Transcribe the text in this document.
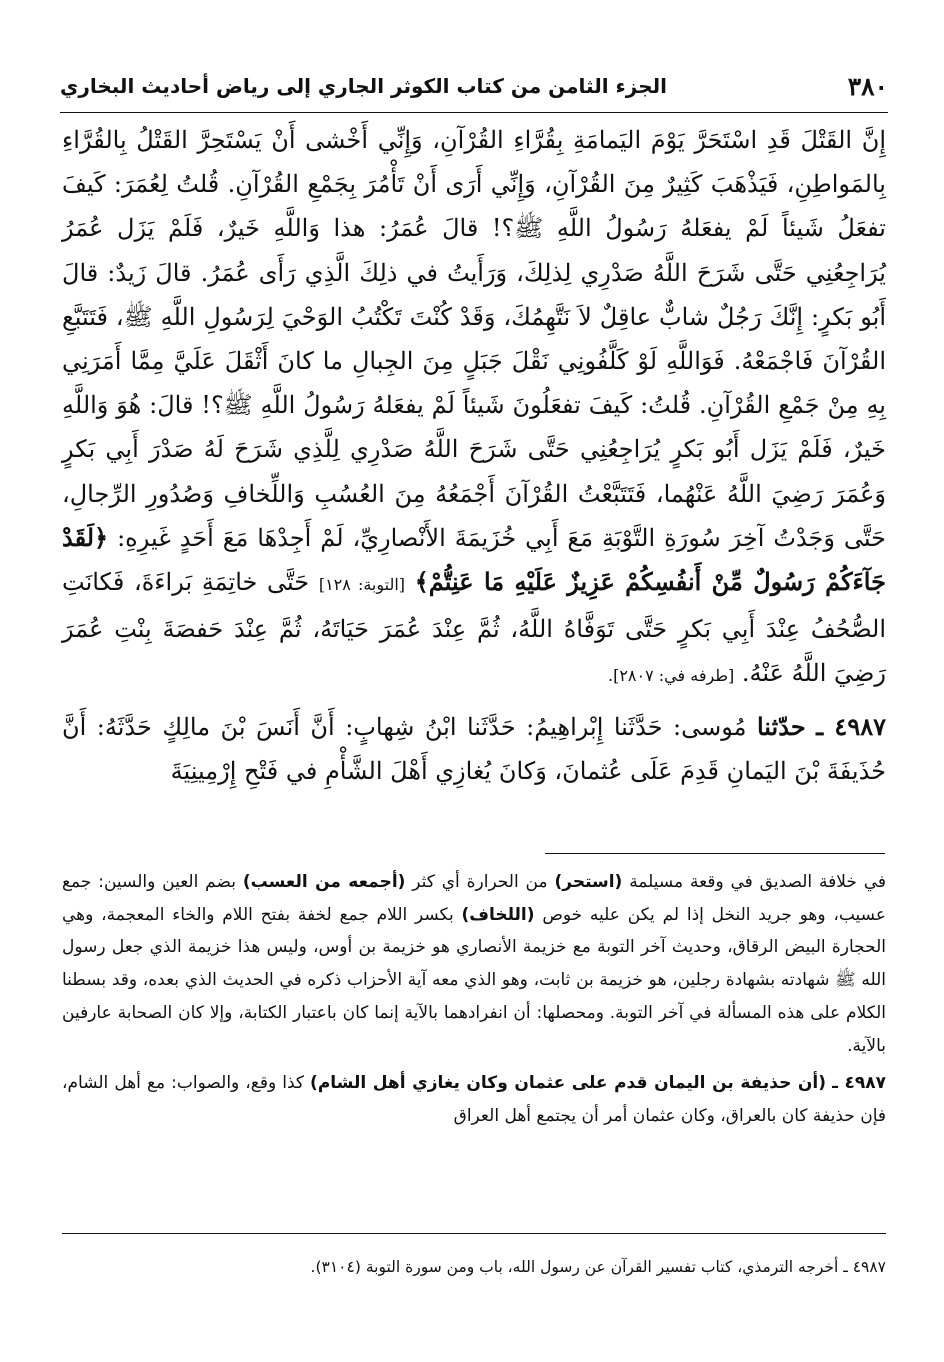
٣٨٠
الجزء الثامن من كتاب الكوثر الجاري إلى رياض أحاديث البخاري

إِنَّ القَتْلَ قَدِ اسْتَحَرَّ يَوْمَ اليَمامَةِ بِقُرَّاءِ القُرْآنِ، وَإِنِّي أَخْشى أَنْ يَسْتَحِرَّ القَتْلُ بِالقُرَّاءِ بِالمَواطِنِ، فَيَذْهَبَ كَثِيرٌ مِنَ القُرْآنِ، وَإِنِّي أَرَى أَنْ تَأْمُرَ بِجَمْعِ القُرْآنِ. قُلتُ لِعُمَرَ: كَيفَ تفعَلُ شَيئاً لَمْ يفعَلهُ رَسُولُ اللَّهِ ﷺ؟! قالَ عُمَرُ: هذا وَاللَّهِ خَيرٌ، فَلَمْ يَزَل عُمَرُ يُرَاجِعُنِي حَتَّى شَرَحَ اللَّهُ صَدْرِي لِذلِكَ، وَرَأَيتُ في ذلِكَ الَّذِي رَأَى عُمَرُ. قالَ زَيدٌ: قالَ أَبُو بَكرٍ: إِنَّكَ رَجُلٌ شابٌّ عاقِلٌ لاَ نَتَّهِمُكَ، وَقَدْ كُنْتَ تَكْتُبُ الوَحْيَ لِرَسُولِ اللَّهِ ﷺ، فَتَتَبَّعِ القُرْآنَ فَاجْمَعْهُ. فَوَاللَّهِ لَوْ كَلَّفُونِي نَقْلَ جَبَلٍ مِنَ الجِبالِ ما كانَ أَثْقَلَ عَلَيَّ مِمَّا أَمَرَنِي بِهِ مِنْ جَمْعِ القُرْآنِ. قُلتُ: كَيفَ تفعَلُونَ شَيئاً لَمْ يفعَلهُ رَسُولُ اللَّهِ ﷺ؟! قالَ: هُوَ وَاللَّهِ خَيرٌ، فَلَمْ يَزَل أَبُو بَكرٍ يُرَاجِعُنِي حَتَّى شَرَحَ اللَّهُ صَدْرِي لِلَّذِي شَرَحَ لَهُ صَدْرَ أَبِي بَكرٍ وَعُمَرَ رَضِيَ اللَّهُ عَنْهُما، فَتَتَبَّعْتُ القُرْآنَ أَجْمَعُهُ مِنَ العُسُبِ وَاللِّخافِ وَصُدُورِ الرِّجالِ، حَتَّى وَجَدْتُ آخِرَ سُورَةِ التَّوْبَةِ مَعَ أَبِي خُزَيمَةَ الأَنْصارِيِّ، لَمْ أَجِدْهَا مَعَ أَحَدٍ غَيرِهِ: ﴿لَقَدْ جَآءَكُمْ رَسُولٌ مِّنْ أَنفُسِكُمْ عَزِيزٌ عَلَيْهِ مَا عَنِتُّمْ﴾ [التوبة: ١٢٨] حَتَّى خاتِمَةِ بَراءَةَ، فَكانَتِ الصُّحُفُ عِنْدَ أَبِي بَكرٍ حَتَّى تَوَفَّاهُ اللَّهُ، ثُمَّ عِنْدَ عُمَرَ حَيَاتَهُ، ثُمَّ عِنْدَ حَفصَةَ بِنْتِ عُمَرَ رَضِيَ اللَّهُ عَنْهُ. [طرفه في: ٢٨٠٧].

٤٩٨٧ ـ حدّثنا مُوسى: حَدَّثَنا إِبْراهِيمُ: حَدَّثَنا ابْنُ شِهابٍ: أَنَّ أَنَسَ بْنَ مالِكٍ حَدَّثَهُ: أَنَّ حُذَيفَةَ بْنَ اليَمانِ قَدِمَ عَلَى عُثمانَ، وَكانَ يُغازِي أَهْلَ الشَّأْمِ في فَتْحِ إِرْمِينِيَةَ

في خلافة الصديق في وقعة مسيلمة (استحر) من الحرارة أي كثر (أجمعه من العسب) بضم العين والسين: جمع عسيب، وهو جريد النخل إذا لم يكن عليه خوص (اللخاف) بكسر اللام جمع لخفة بفتح اللام والخاء المعجمة، وهي الحجارة البيض الرقاق، وحديث آخر التوبة مع خزيمة الأنصاري هو خزيمة بن أوس، وليس هذا خزيمة الذي جعل رسول الله ﷺ شهادته بشهادة رجلين، هو خزيمة بن ثابت، وهو الذي معه آية الأحزاب ذكره في الحديث الذي بعده، وقد بسطنا الكلام على هذه المسألة في آخر التوبة. ومحصلها: أن انفرادهما بالآية إنما كان باعتبار الكتابة، وإلا كان الصحابة عارفين بالآية.

٤٩٨٧ ـ (أن حذيفة بن اليمان قدم على عثمان وكان يغازي أهل الشام) كذا وقع، والصواب: مع أهل الشام، فإن حذيفة كان بالعراق، وكان عثمان أمر أن يجتمع أهل العراق

٤٩٨٧ ـ أخرجه الترمذي، كتاب تفسير القرآن عن رسول الله، باب ومن سورة التوبة (٣١٠٤).
